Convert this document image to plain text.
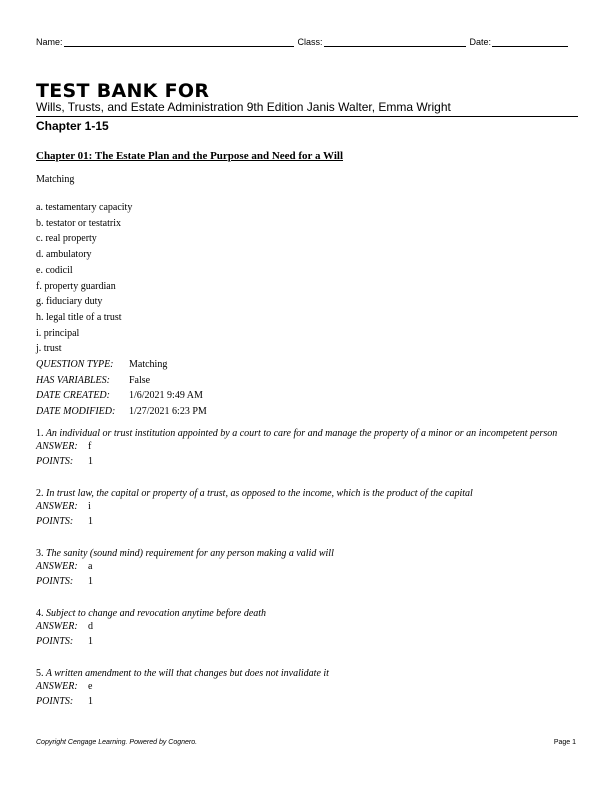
Name:	Class:	Date:
TEST BANK FOR
Wills, Trusts, and Estate Administration 9th Edition Janis Walter, Emma Wright
Chapter 1-15
Chapter 01: The Estate Plan and the Purpose and Need for a Will
Matching
a. testamentary capacity
b. testator or testatrix
c. real property
d. ambulatory
e. codicil
f. property guardian
g. fiduciary duty
h. legal title of a trust
i. principal
j. trust
QUESTION TYPE:	Matching
HAS VARIABLES:	False
DATE CREATED:	1/6/2021 9:49 AM
DATE MODIFIED:	1/27/2021 6:23 PM
1. An individual or trust institution appointed by a court to care for and manage the property of a minor or an incompetent person
ANSWER:	f
POINTS:	1
2. In trust law, the capital or property of a trust, as opposed to the income, which is the product of the capital
ANSWER:	i
POINTS:	1
3. The sanity (sound mind) requirement for any person making a valid will
ANSWER:	a
POINTS:	1
4. Subject to change and revocation anytime before death
ANSWER:	d
POINTS:	1
5. A written amendment to the will that changes but does not invalidate it
ANSWER:	e
POINTS:	1
Copyright Cengage Learning. Powered by Cognero.	Page 1
